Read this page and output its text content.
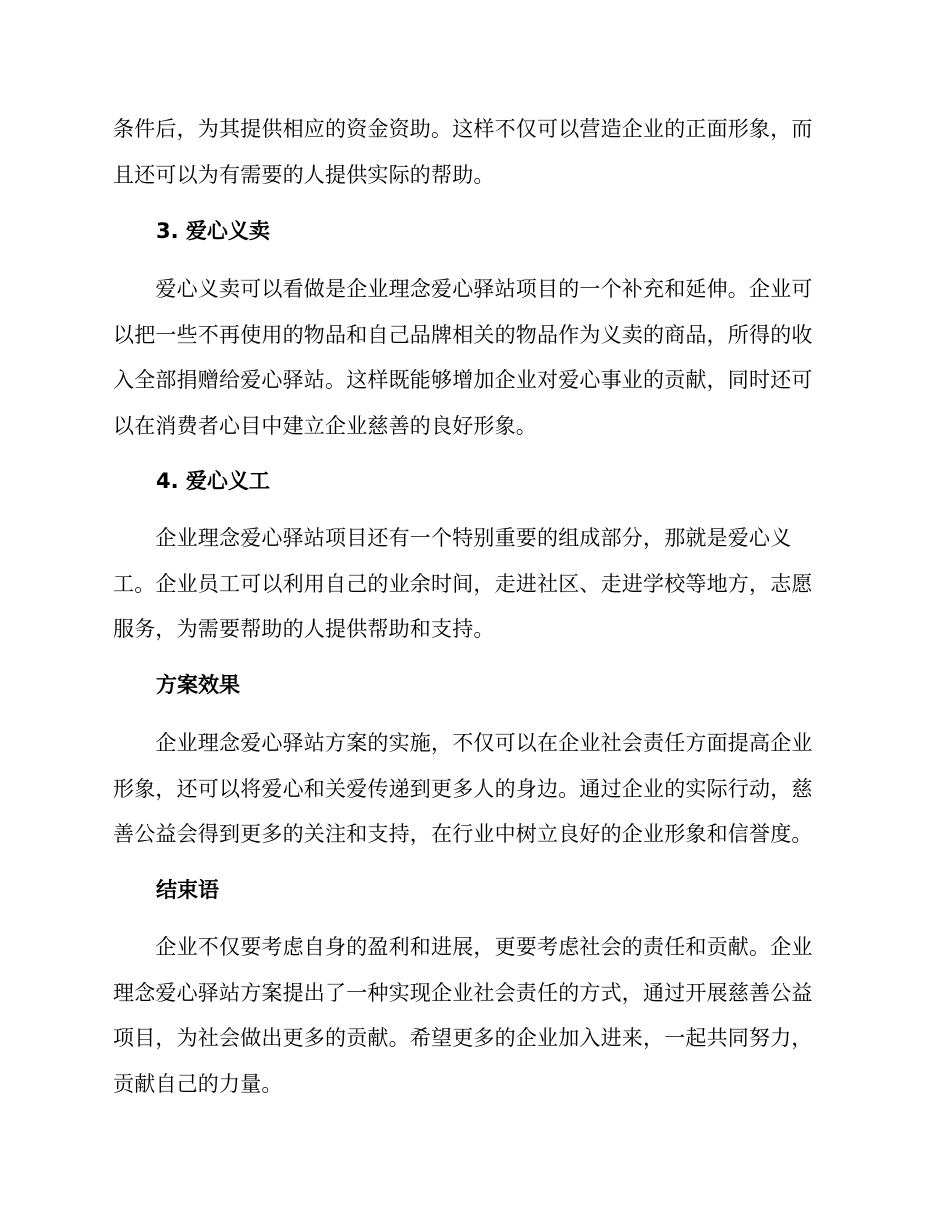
条件后，为其提供相应的资金资助。这样不仅可以营造企业的正面形象，而
且还可以为有需要的人提供实际的帮助。

3. 爱心义卖

　　爱心义卖可以看做是企业理念爱心驿站项目的一个补充和延伸。企业可
以把一些不再使用的物品和自己品牌相关的物品作为义卖的商品，所得的收
入全部捐赠给爱心驿站。这样既能够增加企业对爱心事业的贡献，同时还可
以在消费者心目中建立企业慈善的良好形象。

4. 爱心义工

　　企业理念爱心驿站项目还有一个特别重要的组成部分，那就是爱心义
工。企业员工可以利用自己的业余时间，走进社区、走进学校等地方，志愿
服务，为需要帮助的人提供帮助和支持。

方案效果

　　企业理念爱心驿站方案的实施，不仅可以在企业社会责任方面提高企业
形象，还可以将爱心和关爱传递到更多人的身边。通过企业的实际行动，慈
善公益会得到更多的关注和支持，在行业中树立良好的企业形象和信誉度。

结束语

　　企业不仅要考虑自身的盈利和进展，更要考虑社会的责任和贡献。企业
理念爱心驿站方案提出了一种实现企业社会责任的方式，通过开展慈善公益
项目，为社会做出更多的贡献。希望更多的企业加入进来，一起共同努力，
贡献自己的力量。
